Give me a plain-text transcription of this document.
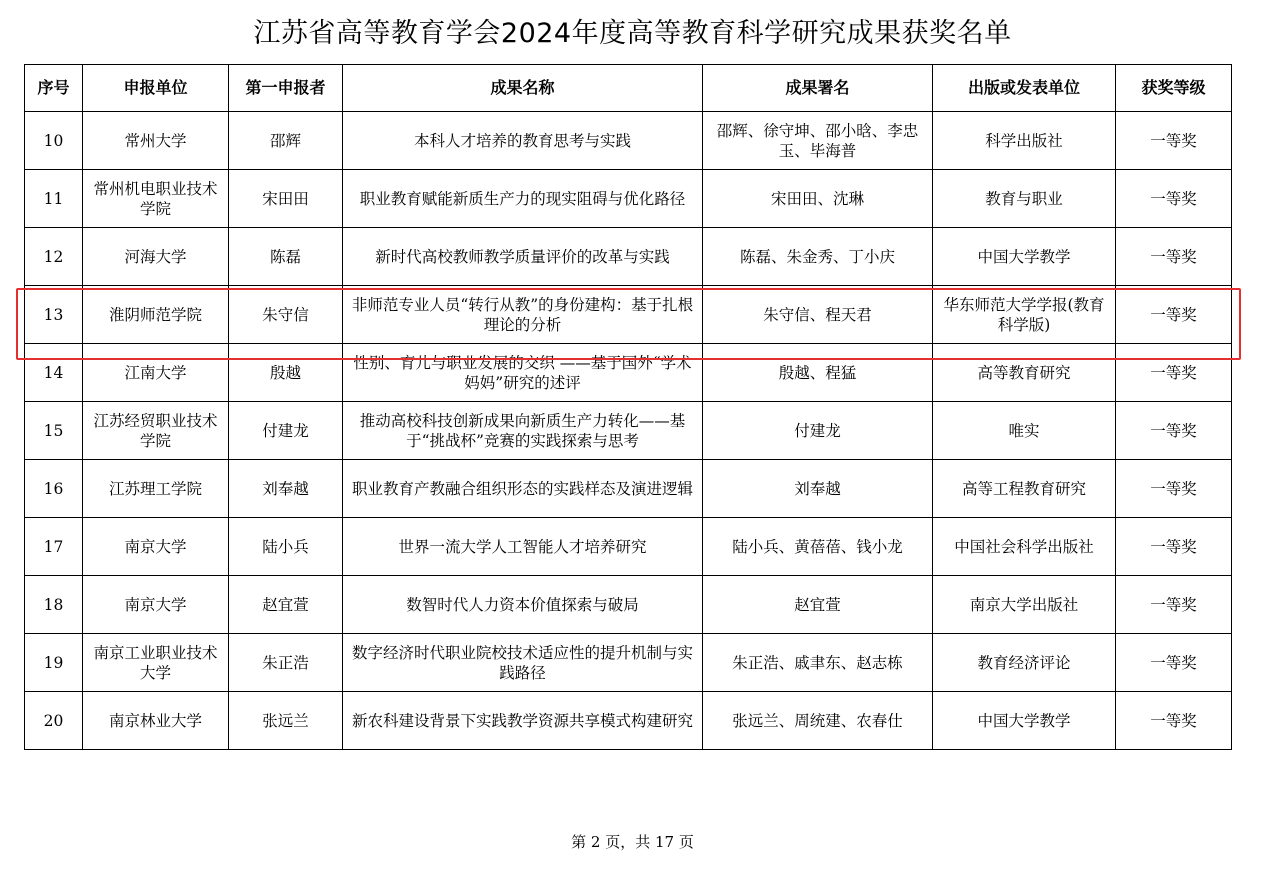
江苏省高等教育学会2024年度高等教育科学研究成果获奖名单
序号	申报单位	第一申报者	成果名称	成果署名	出版或发表单位	获奖等级
10	常州大学	邵辉	本科人才培养的教育思考与实践	邵辉、徐守坤、邵小晗、李忠玉、毕海普	科学出版社	一等奖
11	常州机电职业技术学院	宋田田	职业教育赋能新质生产力的现实阻碍与优化路径	宋田田、沈琳	教育与职业	一等奖
12	河海大学	陈磊	新时代高校教师教学质量评价的改革与实践	陈磊、朱金秀、丁小庆	中国大学教学	一等奖
13	淮阴师范学院	朱守信	非师范专业人员“转行从教”的身份建构：基于扎根理论的分析	朱守信、程天君	华东师范大学学报(教育科学版)	一等奖
14	江南大学	殷越	性别、育儿与职业发展的交织 ——基于国外“学术妈妈”研究的述评	殷越、程猛	高等教育研究	一等奖
15	江苏经贸职业技术学院	付建龙	推动高校科技创新成果向新质生产力转化——基于“挑战杯”竞赛的实践探索与思考	付建龙	唯实	一等奖
16	江苏理工学院	刘奉越	职业教育产教融合组织形态的实践样态及演进逻辑	刘奉越	高等工程教育研究	一等奖
17	南京大学	陆小兵	世界一流大学人工智能人才培养研究	陆小兵、黄蓓蓓、钱小龙	中国社会科学出版社	一等奖
18	南京大学	赵宜萱	数智时代人力资本价值探索与破局	赵宜萱	南京大学出版社	一等奖
19	南京工业职业技术大学	朱正浩	数字经济时代职业院校技术适应性的提升机制与实践路径	朱正浩、戚聿东、赵志栋	教育经济评论	一等奖
20	南京林业大学	张远兰	新农科建设背景下实践教学资源共享模式构建研究	张远兰、周统建、农春仕	中国大学教学	一等奖
第 2 页，共 17 页
